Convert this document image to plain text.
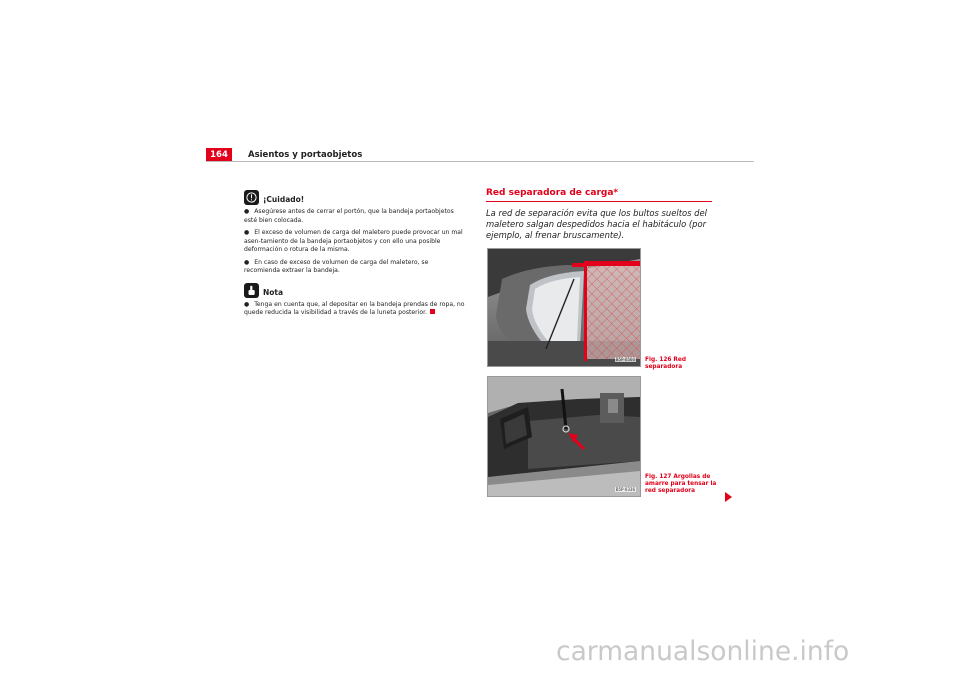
164	Asientos y portaobjetos
¡Cuidado!

● Asegúrese antes de cerrar el portón, que la bandeja portaobjetos esté bien colocada.

● El exceso de volumen de carga del maletero puede provocar un mal asen-tamiento de la bandeja portaobjetos y con ello una posible deformación o rotura de la misma.

● En caso de exceso de volumen de carga del maletero, se recomienda extraer la bandeja.

Nota

● Tenga en cuenta que, al depositar en la bandeja prendas de ropa, no quede reducida la visibilidad a través de la luneta posterior.

Red separadora de carga*

La red de separación evita que los bultos sueltos del maletero salgan despedidos hacia el habitáculo (por ejemplo, al frenar bruscamente).

B5P-0560 Fig. 126 Red separadora
B5P-0336
Fig. 127 Argollas de amarre para tensar la red separadora
carmanualsonline.info
